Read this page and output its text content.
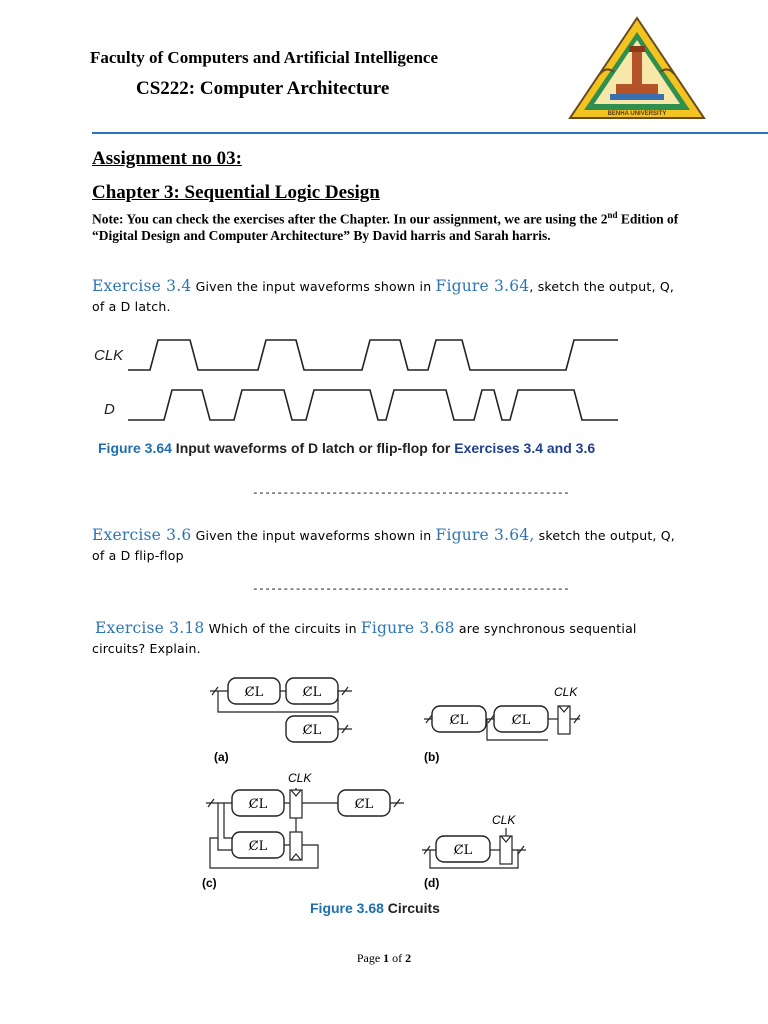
Faculty of Computers and Artificial Intelligence
CS222: Computer Architecture
BENHA UNIVERSITY
Assignment no 03:
Chapter 3: Sequential Logic Design
Note: You can check the exercises after the Chapter. In our assignment, we are using the 2nd Edition of “Digital Design and Computer Architecture” By David harris and Sarah harris.
Exercise 3.4 Given the input waveforms shown in Figure 3.64, sketch the output, Q, of a D latch.
CLK
D
Figure 3.64 Input waveforms of D latch or flip-flop for Exercises 3.4 and 3.6
----------------------------------------------------
Exercise 3.6 Given the input waveforms shown in Figure 3.64, sketch the output, Q, of a D flip-flop
----------------------------------------------------
Exercise 3.18 Which of the circuits in Figure 3.68 are synchronous sequential circuits? Explain.
C̸L	C̸L
C̸L
(a)
CLK
C̸L	C̸L
(b)
CLK
C̸L	C̸L
C̸L
(c)
CLK
C̸L
(d)
Figure 3.68 Circuits
Page 1 of 2
